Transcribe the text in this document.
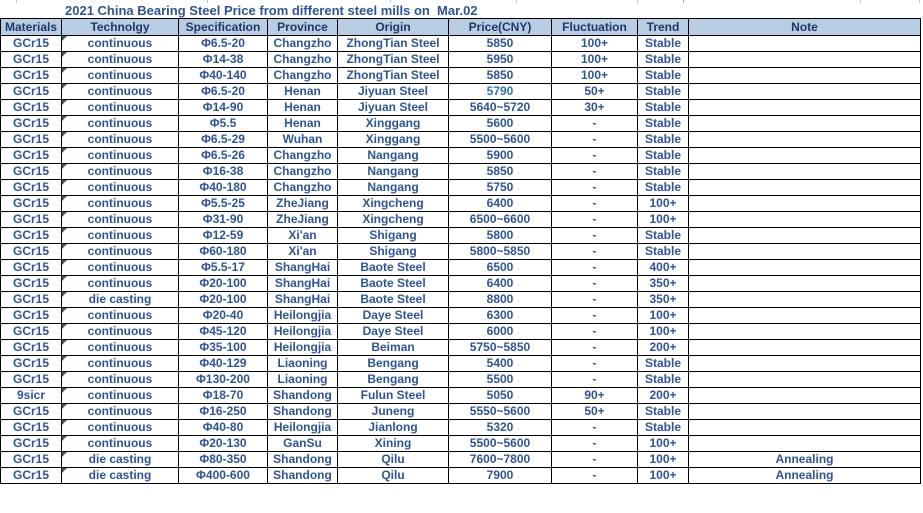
2021 China Bearing Steel Price from different steel mills on  Mar.02
Materials	Technolgy	Specification	Province	Origin	Price(CNY)	Fluctuation	Trend	Note
GCr15	continuous	Φ6.5-20	Changzho	ZhongTian Steel	5850	100+	Stable	
GCr15	continuous	Φ14-38	Changzho	ZhongTian Steel	5950	100+	Stable	
GCr15	continuous	Φ40-140	Changzho	ZhongTian Steel	5850	100+	Stable	
GCr15	continuous	Φ6.5-20	Henan	Jiyuan Steel	5790	50+	Stable	
GCr15	continuous	Φ14-90	Henan	Jiyuan Steel	5640~5720	30+	Stable	
GCr15	continuous	Φ5.5	Henan	Xinggang	5600	-	Stable	
GCr15	continuous	Φ6.5-29	Wuhan	Xinggang	5500~5600	-	Stable	
GCr15	continuous	Φ6.5-26	Changzho	Nangang	5900	-	Stable	
GCr15	continuous	Φ16-38	Changzho	Nangang	5850	-	Stable	
GCr15	continuous	Φ40-180	Changzho	Nangang	5750	-	Stable	
GCr15	continuous	Φ5.5-25	ZheJiang	Xingcheng	6400	-	100+	
GCr15	continuous	Φ31-90	ZheJiang	Xingcheng	6500~6600	-	100+	
GCr15	continuous	Φ12-59	Xi'an	Shigang	5800	-	Stable	
GCr15	continuous	Φ60-180	Xi'an	Shigang	5800~5850	-	Stable	
GCr15	continuous	Φ5.5-17	ShangHai	Baote Steel	6500	-	400+	
GCr15	continuous	Φ20-100	ShangHai	Baote Steel	6400	-	350+	
GCr15	die casting	Φ20-100	ShangHai	Baote Steel	8800	-	350+	
GCr15	continuous	Φ20-40	Heilongjia	Daye Steel	6300	-	100+	
GCr15	continuous	Φ45-120	Heilongjia	Daye Steel	6000	-	100+	
GCr15	continuous	Φ35-100	Heilongjia	Beiman	5750~5850	-	200+	
GCr15	continuous	Φ40-129	Liaoning	Bengang	5400	-	Stable	
GCr15	continuous	Φ130-200	Liaoning	Bengang	5500	-	Stable	
9sicr	continuous	Φ18-70	Shandong	Fulun Steel	5050	90+	200+	
GCr15	continuous	Φ16-250	Shandong	Juneng	5550~5600	50+	Stable	
GCr15	continuous	Φ40-80	Heilongjia	Jianlong	5320	-	Stable	
GCr15	continuous	Φ20-130	GanSu	Xining	5500~5600	-	100+	
GCr15	die casting	Φ80-350	Shandong	Qilu	7600~7800	-	100+	Annealing
GCr15	die casting	Φ400-600	Shandong	Qilu	7900	-	100+	Annealing
